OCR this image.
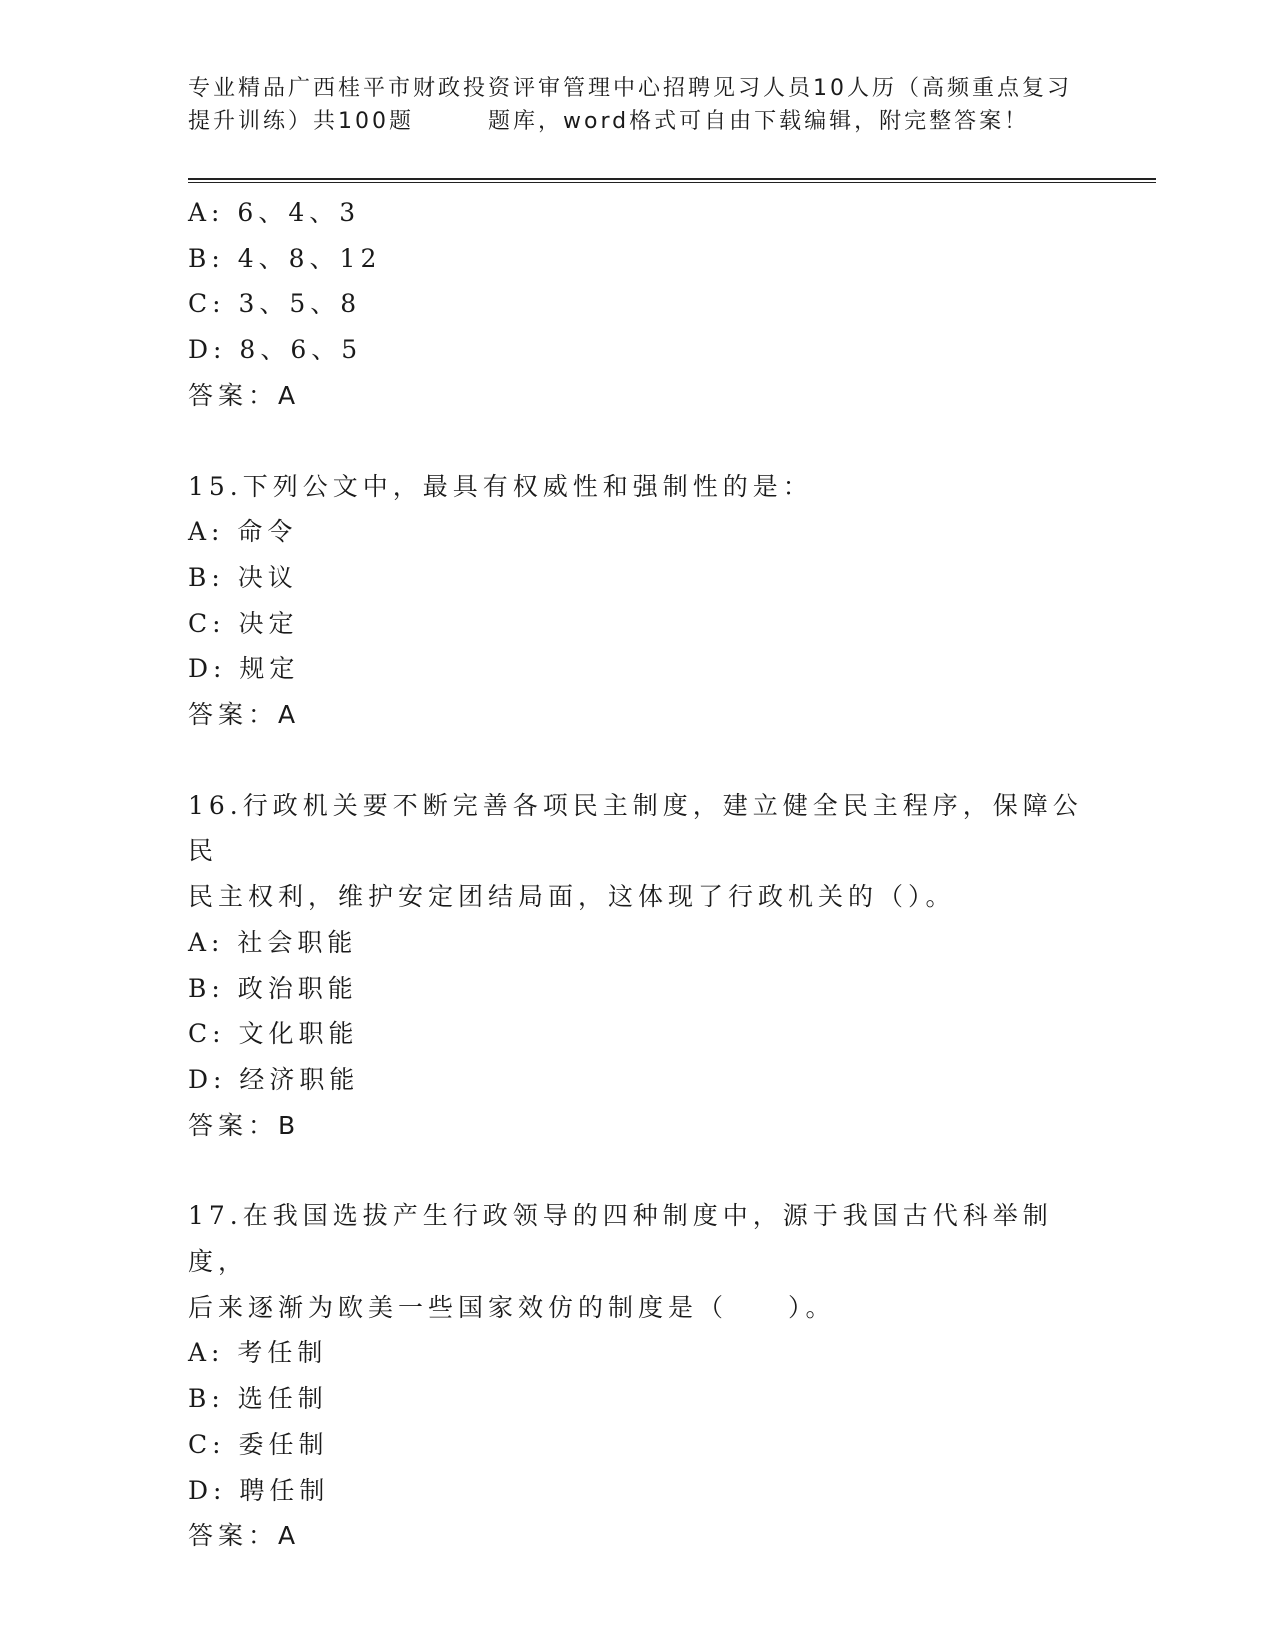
专业精品广西桂平市财政投资评审管理中心招聘见习人员10人历（高频重点复习
提升训练）共100题	题库，word格式可自由下载编辑，附完整答案！
A: 6、4、3
B: 4、8、12
C: 3、5、8
D: 8、6、5
答案：A
15.下列公文中，最具有权威性和强制性的是：
A: 命令
B: 决议
C: 决定
D: 规定
答案：A
16.行政机关要不断完善各项民主制度，建立健全民主程序，保障公民
民主权利，维护安定团结局面，这体现了行政机关的（）。
A: 社会职能
B: 政治职能
C: 文化职能
D: 经济职能
答案：B
17.在我国选拔产生行政领导的四种制度中，源于我国古代科举制度，
后来逐渐为欧美一些国家效仿的制度是（　　）。
A: 考任制
B: 选任制
C: 委任制
D: 聘任制
答案：A
